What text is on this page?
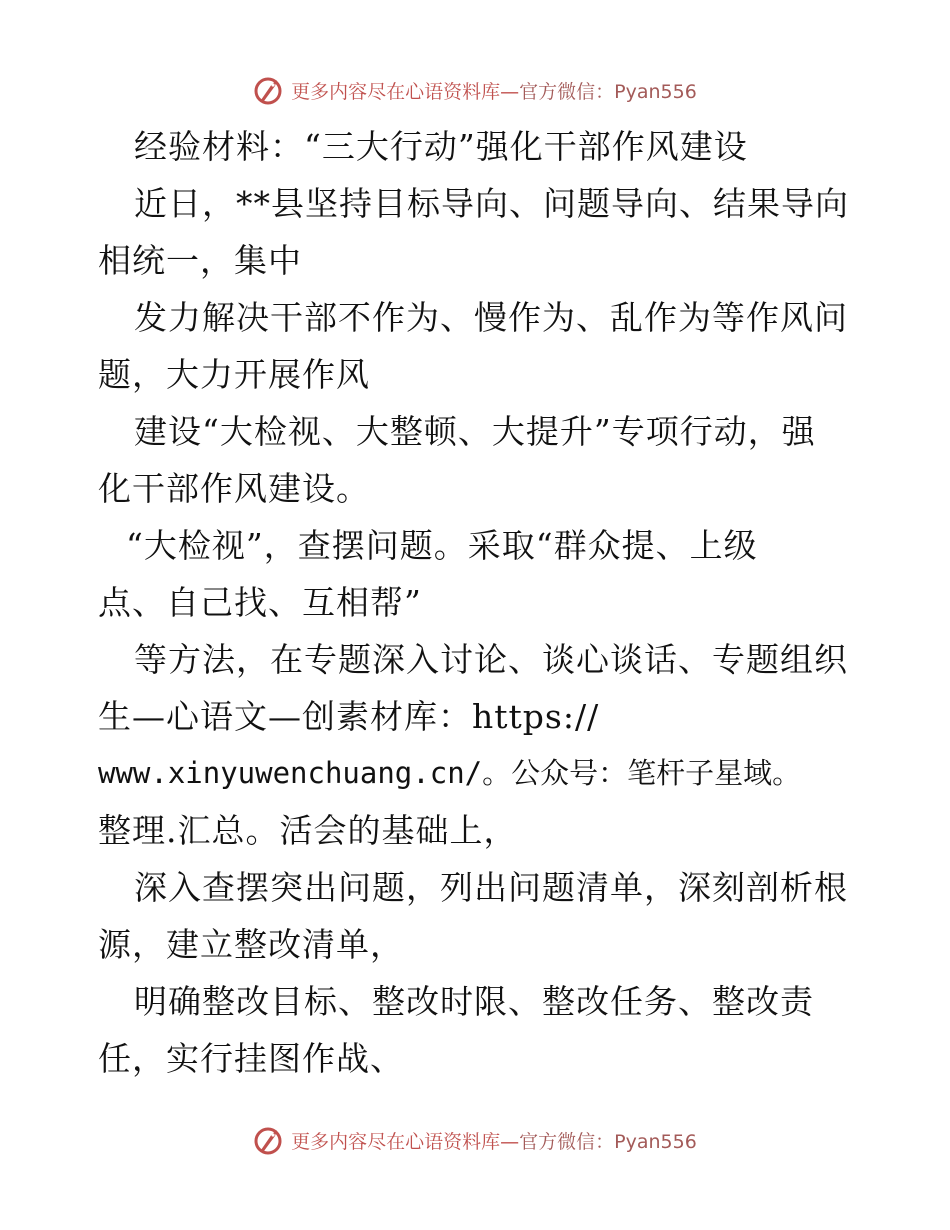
更多内容尽在心语资料库—官方微信：Pyan556
经验材料：“三大行动”强化干部作风建设
近日，**县坚持目标导向、问题导向、结果导向
相统一，集中
发力解决干部不作为、慢作为、乱作为等作风问
题，大力开展作风
建设“大检视、大整顿、大提升”专项行动，强
化干部作风建设。
“大检视”，查摆问题。采取“群众提、上级
点、自己找、互相帮”
等方法，在专题深入讨论、谈心谈话、专题组织
生—心语文—创素材库：https://
www.xinyuwenchuang.cn/。公众号：笔杆子星域。
整理.汇总。活会的基础上，
深入查摆突出问题，列出问题清单，深刻剖析根
源，建立整改清单，
明确整改目标、整改时限、整改任务、整改责
任，实行挂图作战、
更多内容尽在心语资料库—官方微信：Pyan556
